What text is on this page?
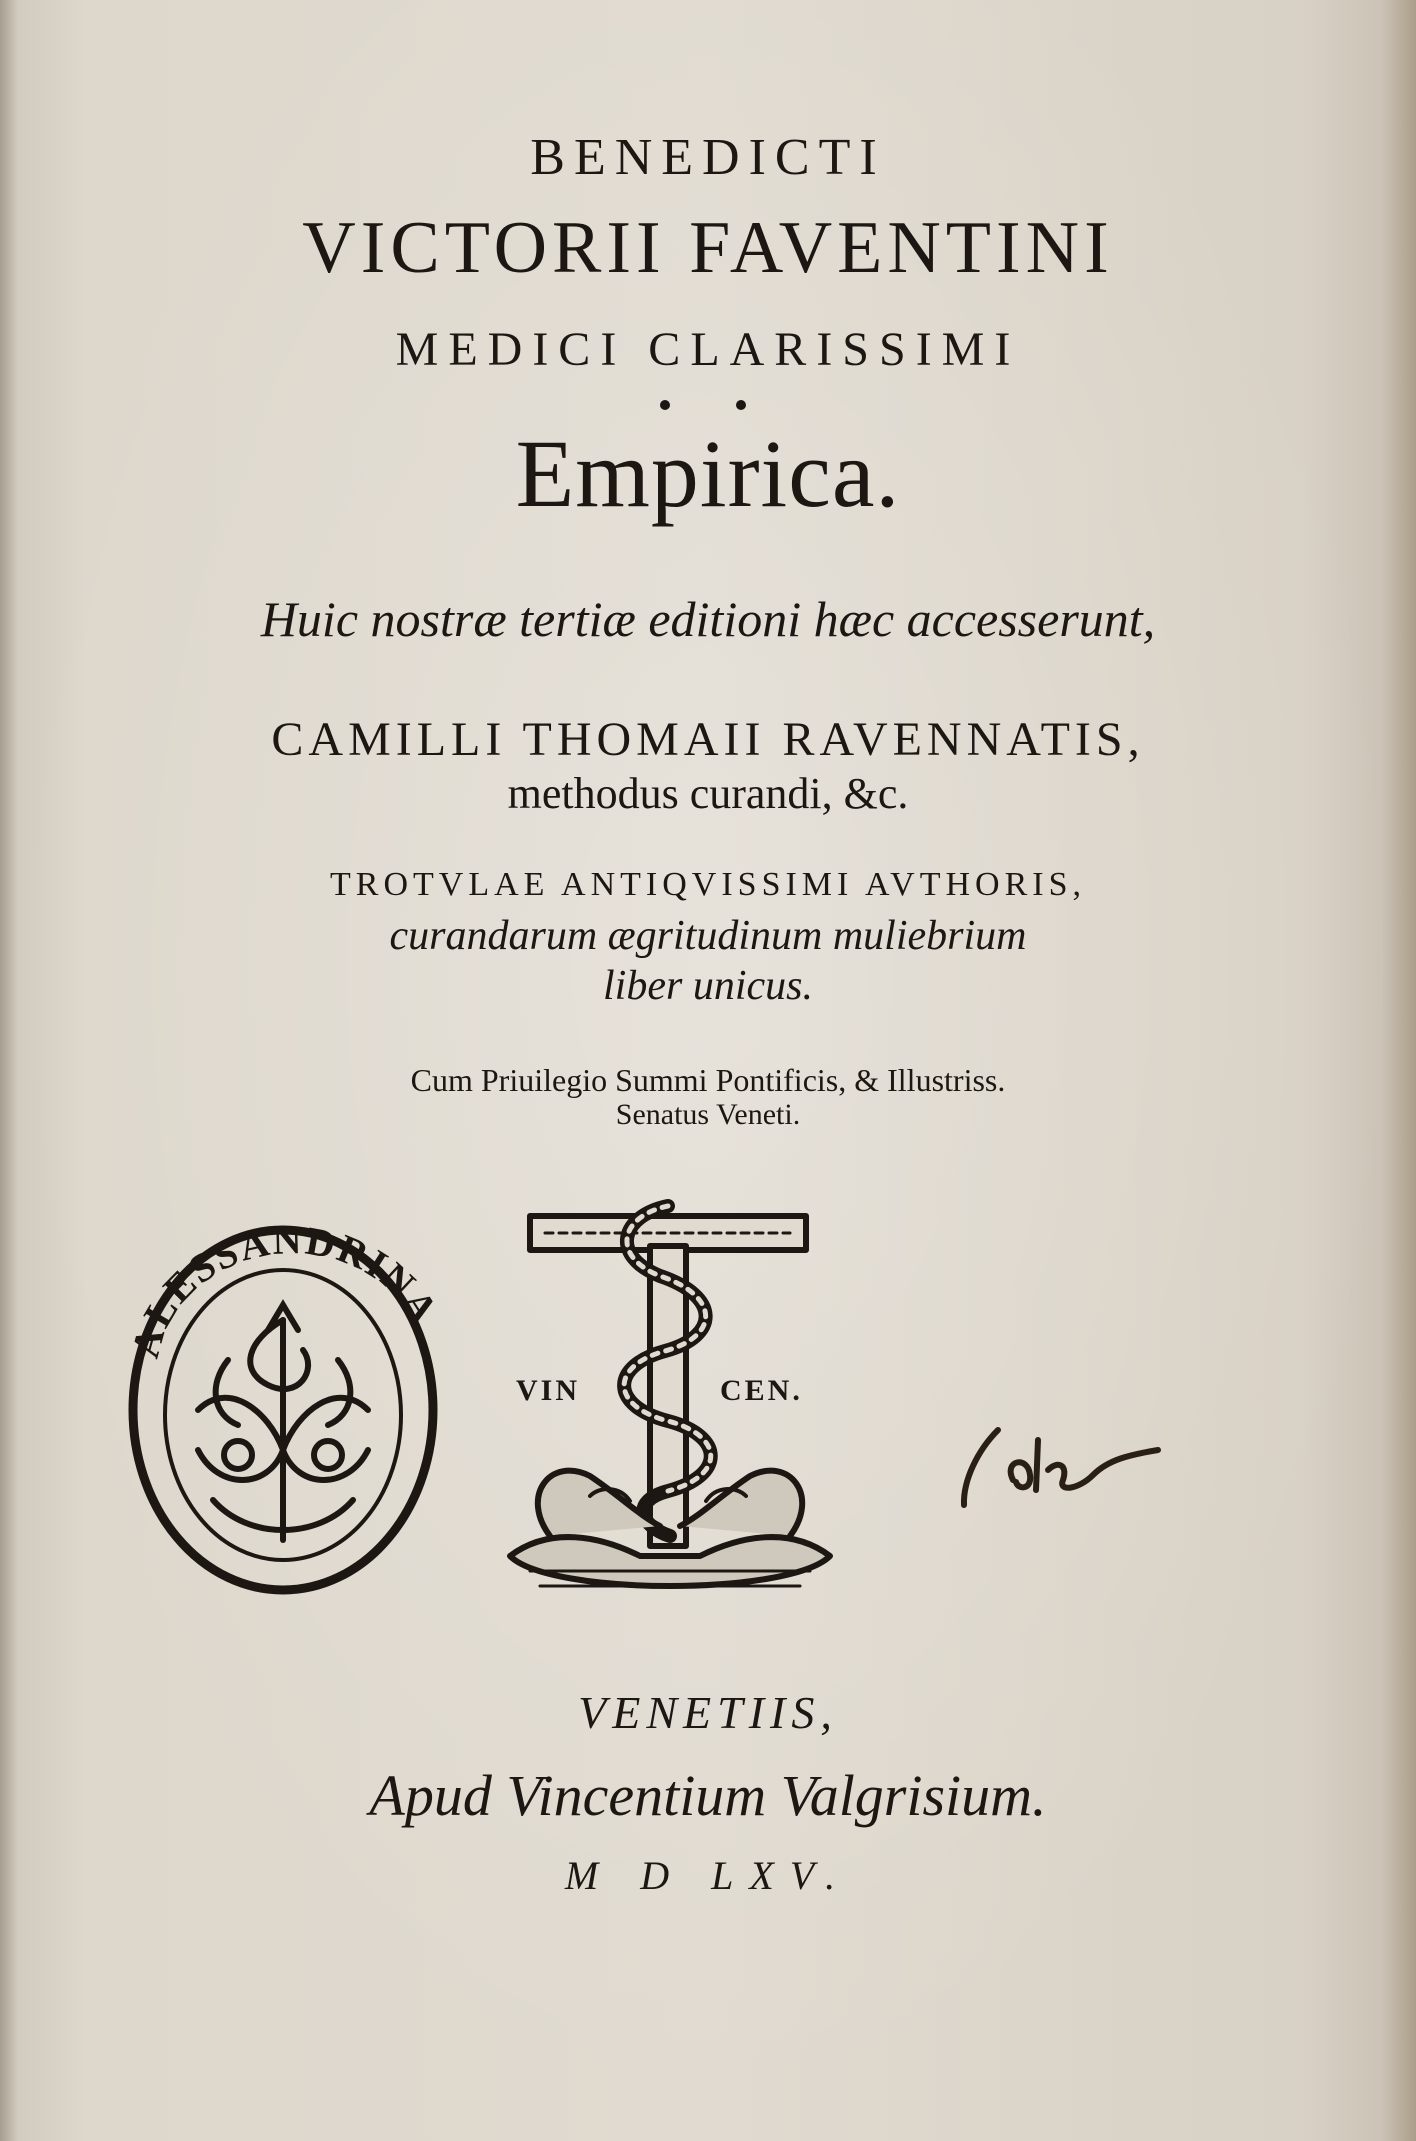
BENEDICTI
VICTORII FAVENTINI
MEDICI CLARISSIMI
Empirica.
Huic nostræ tertiæ editioni hæc accesserunt,
CAMILLI THOMAII RAVENNATIS,
methodus curandi, &c.
TROTVLAE ANTIQVISSIMI AVTHORIS,
curandarum ægritudinum muliebrium
liber unicus.
Cum Priuilegio Summi Pontificis, & Illustriss.
Senatus Veneti.
ALESSANDRINA
VIN	CEN.
VENETIIS,
Apud Vincentium Valgrisium.
M D LXV.
